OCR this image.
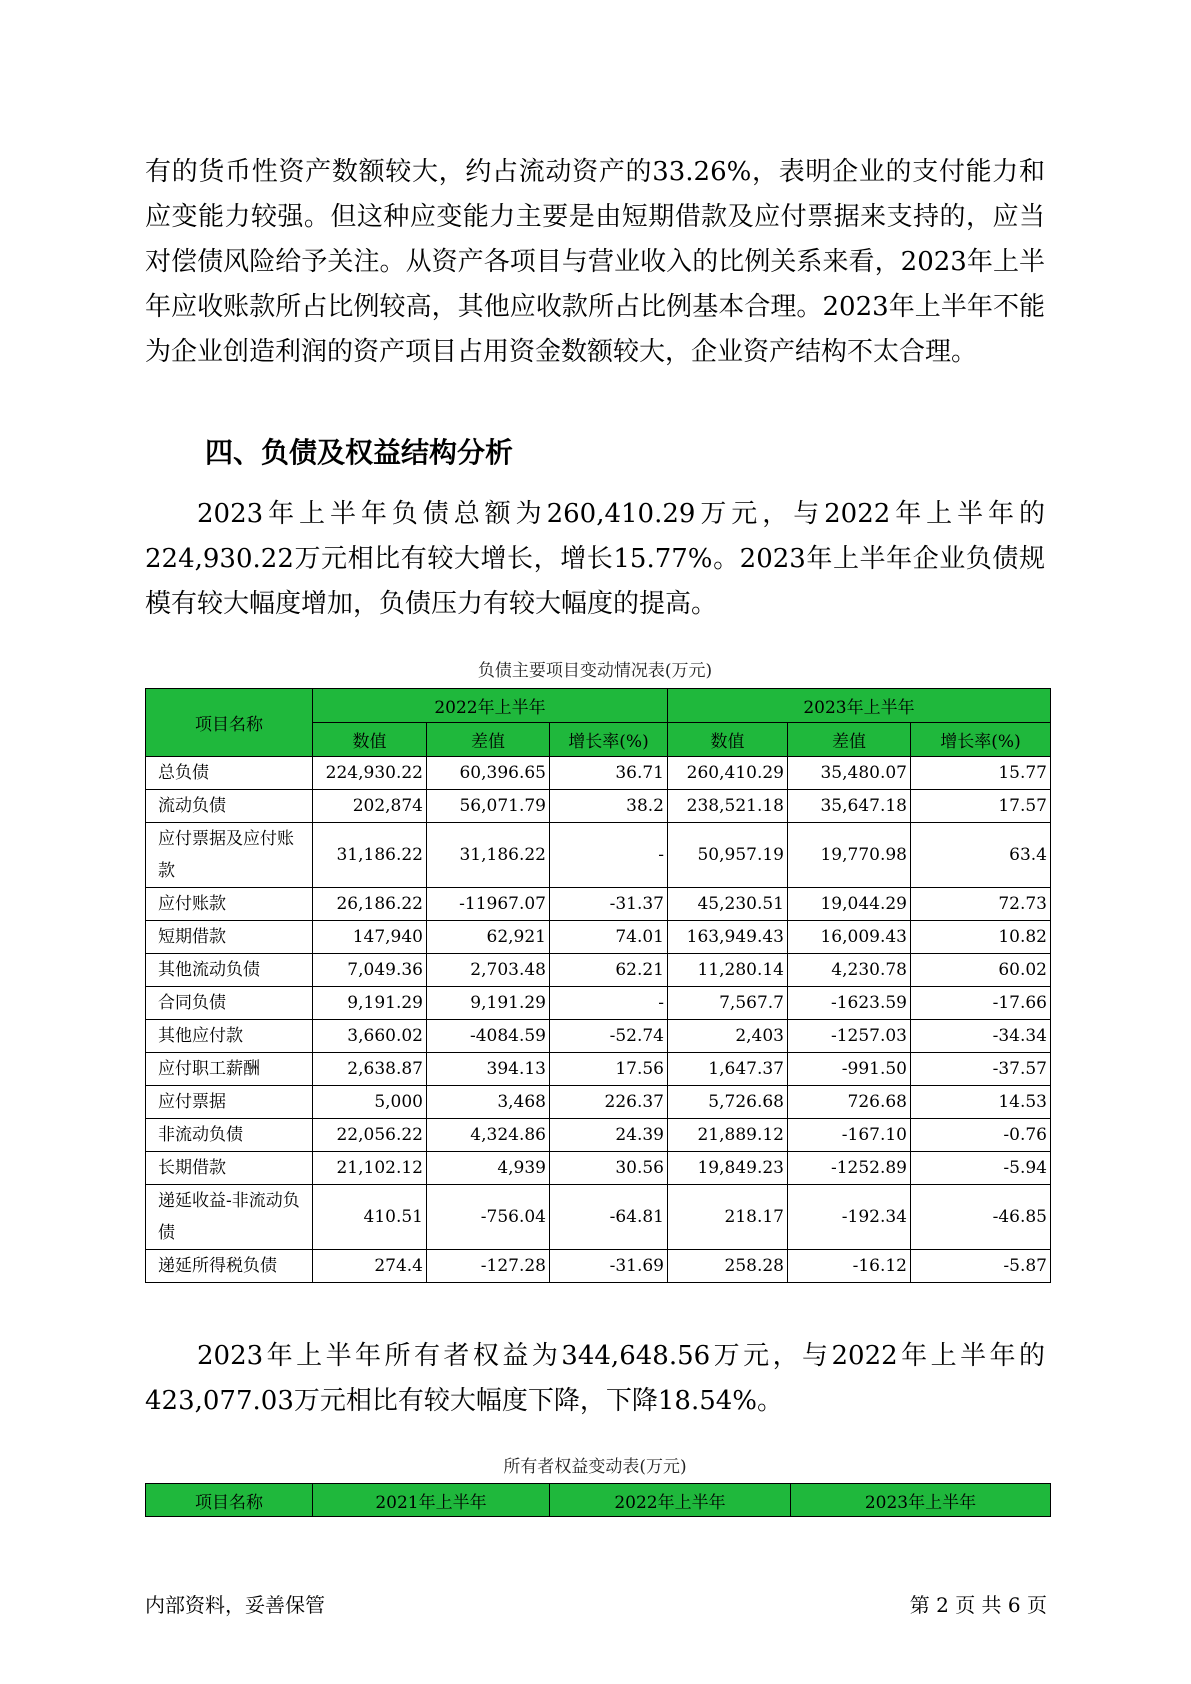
有的货币性资产数额较大，约占流动资产的33.26%，表明企业的支付能力和应变能力较强。但这种应变能力主要是由短期借款及应付票据来支持的，应当对偿债风险给予关注。从资产各项目与营业收入的比例关系来看，2023年上半年应收账款所占比例较高，其他应收款所占比例基本合理。2023年上半年不能为企业创造利润的资产项目占用资金数额较大，企业资产结构不太合理。
四、负债及权益结构分析
2023年上半年负债总额为260,410.29万元，与2022年上半年的224,930.22万元相比有较大增长，增长15.77%。2023年上半年企业负债规模有较大幅度增加，负债压力有较大幅度的提高。
负债主要项目变动情况表(万元)
项目名称	2022年上半年			2023年上半年		
	数值	差值	增长率(%)	数值	差值	增长率(%)
总负债	224,930.22	60,396.65	36.71	260,410.29	35,480.07	15.77
流动负债	202,874	56,071.79	38.2	238,521.18	35,647.18	17.57
应付票据及应付账款	31,186.22	31,186.22	-	50,957.19	19,770.98	63.4
应付账款	26,186.22	-11967.07	-31.37	45,230.51	19,044.29	72.73
短期借款	147,940	62,921	74.01	163,949.43	16,009.43	10.82
其他流动负债	7,049.36	2,703.48	62.21	11,280.14	4,230.78	60.02
合同负债	9,191.29	9,191.29	-	7,567.7	-1623.59	-17.66
其他应付款	3,660.02	-4084.59	-52.74	2,403	-1257.03	-34.34
应付职工薪酬	2,638.87	394.13	17.56	1,647.37	-991.50	-37.57
应付票据	5,000	3,468	226.37	5,726.68	726.68	14.53
非流动负债	22,056.22	4,324.86	24.39	21,889.12	-167.10	-0.76
长期借款	21,102.12	4,939	30.56	19,849.23	-1252.89	-5.94
递延收益-非流动负债	410.51	-756.04	-64.81	218.17	-192.34	-46.85
递延所得税负债	274.4	-127.28	-31.69	258.28	-16.12	-5.87
2023年上半年所有者权益为344,648.56万元，与2022年上半年的423,077.03万元相比有较大幅度下降，下降18.54%。
所有者权益变动表(万元)
项目名称	2021年上半年	2022年上半年	2023年上半年
内部资料，妥善保管	第 2 页 共 6 页
